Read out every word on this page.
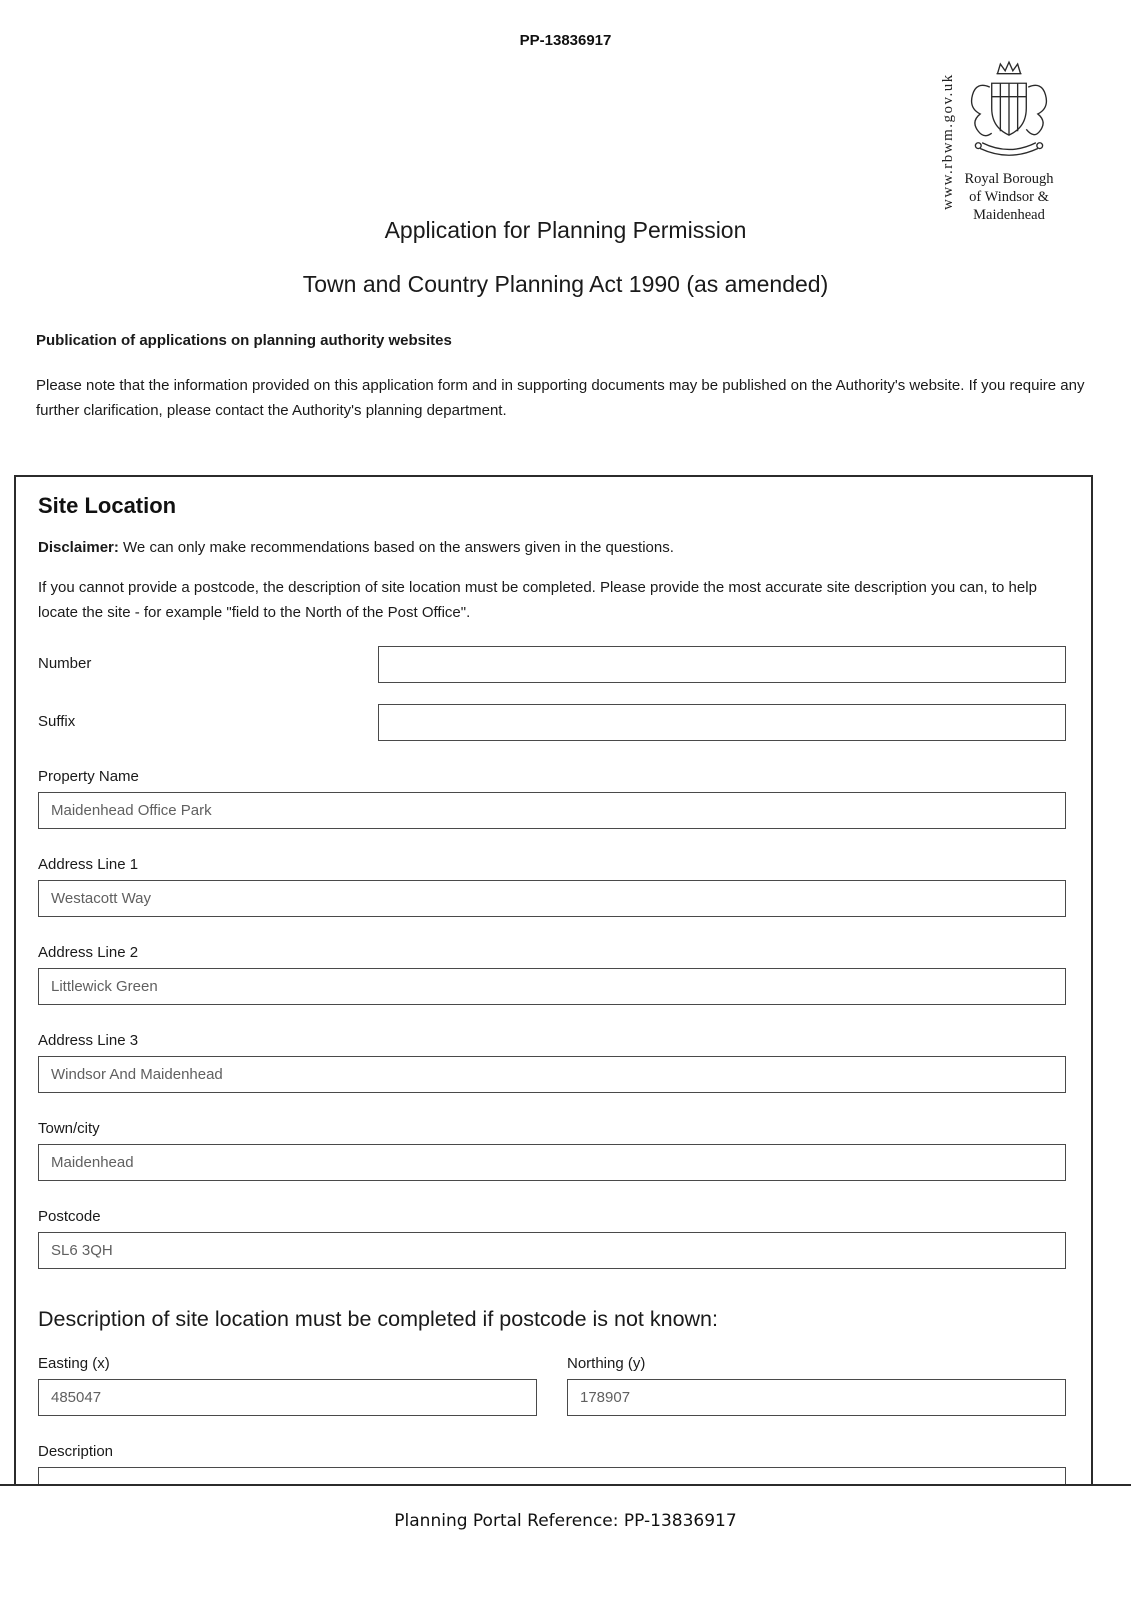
PP-13836917
www.rbwm.gov.uk Royal Borough
of Windsor &
Maidenhead
Application for Planning Permission
Town and Country Planning Act 1990 (as amended)
Publication of applications on planning authority websites
Please note that the information provided on this application form and in supporting documents may be published on the Authority's website. If you require any further clarification, please contact the Authority's planning department.
Site Location
Disclaimer: We can only make recommendations based on the answers given in the questions.
If you cannot provide a postcode, the description of site location must be completed. Please provide the most accurate site description you can, to help locate the site - for example "field to the North of the Post Office".
Number
Suffix
Property Name
Maidenhead Office Park
Address Line 1
Westacott Way
Address Line 2
Littlewick Green
Address Line 3
Windsor And Maidenhead
Town/city
Maidenhead
Postcode
SL6 3QH
Description of site location must be completed if postcode is not known:
Easting (x)
485047	Northing (y)
178907
Description
Planning Portal Reference: PP-13836917
